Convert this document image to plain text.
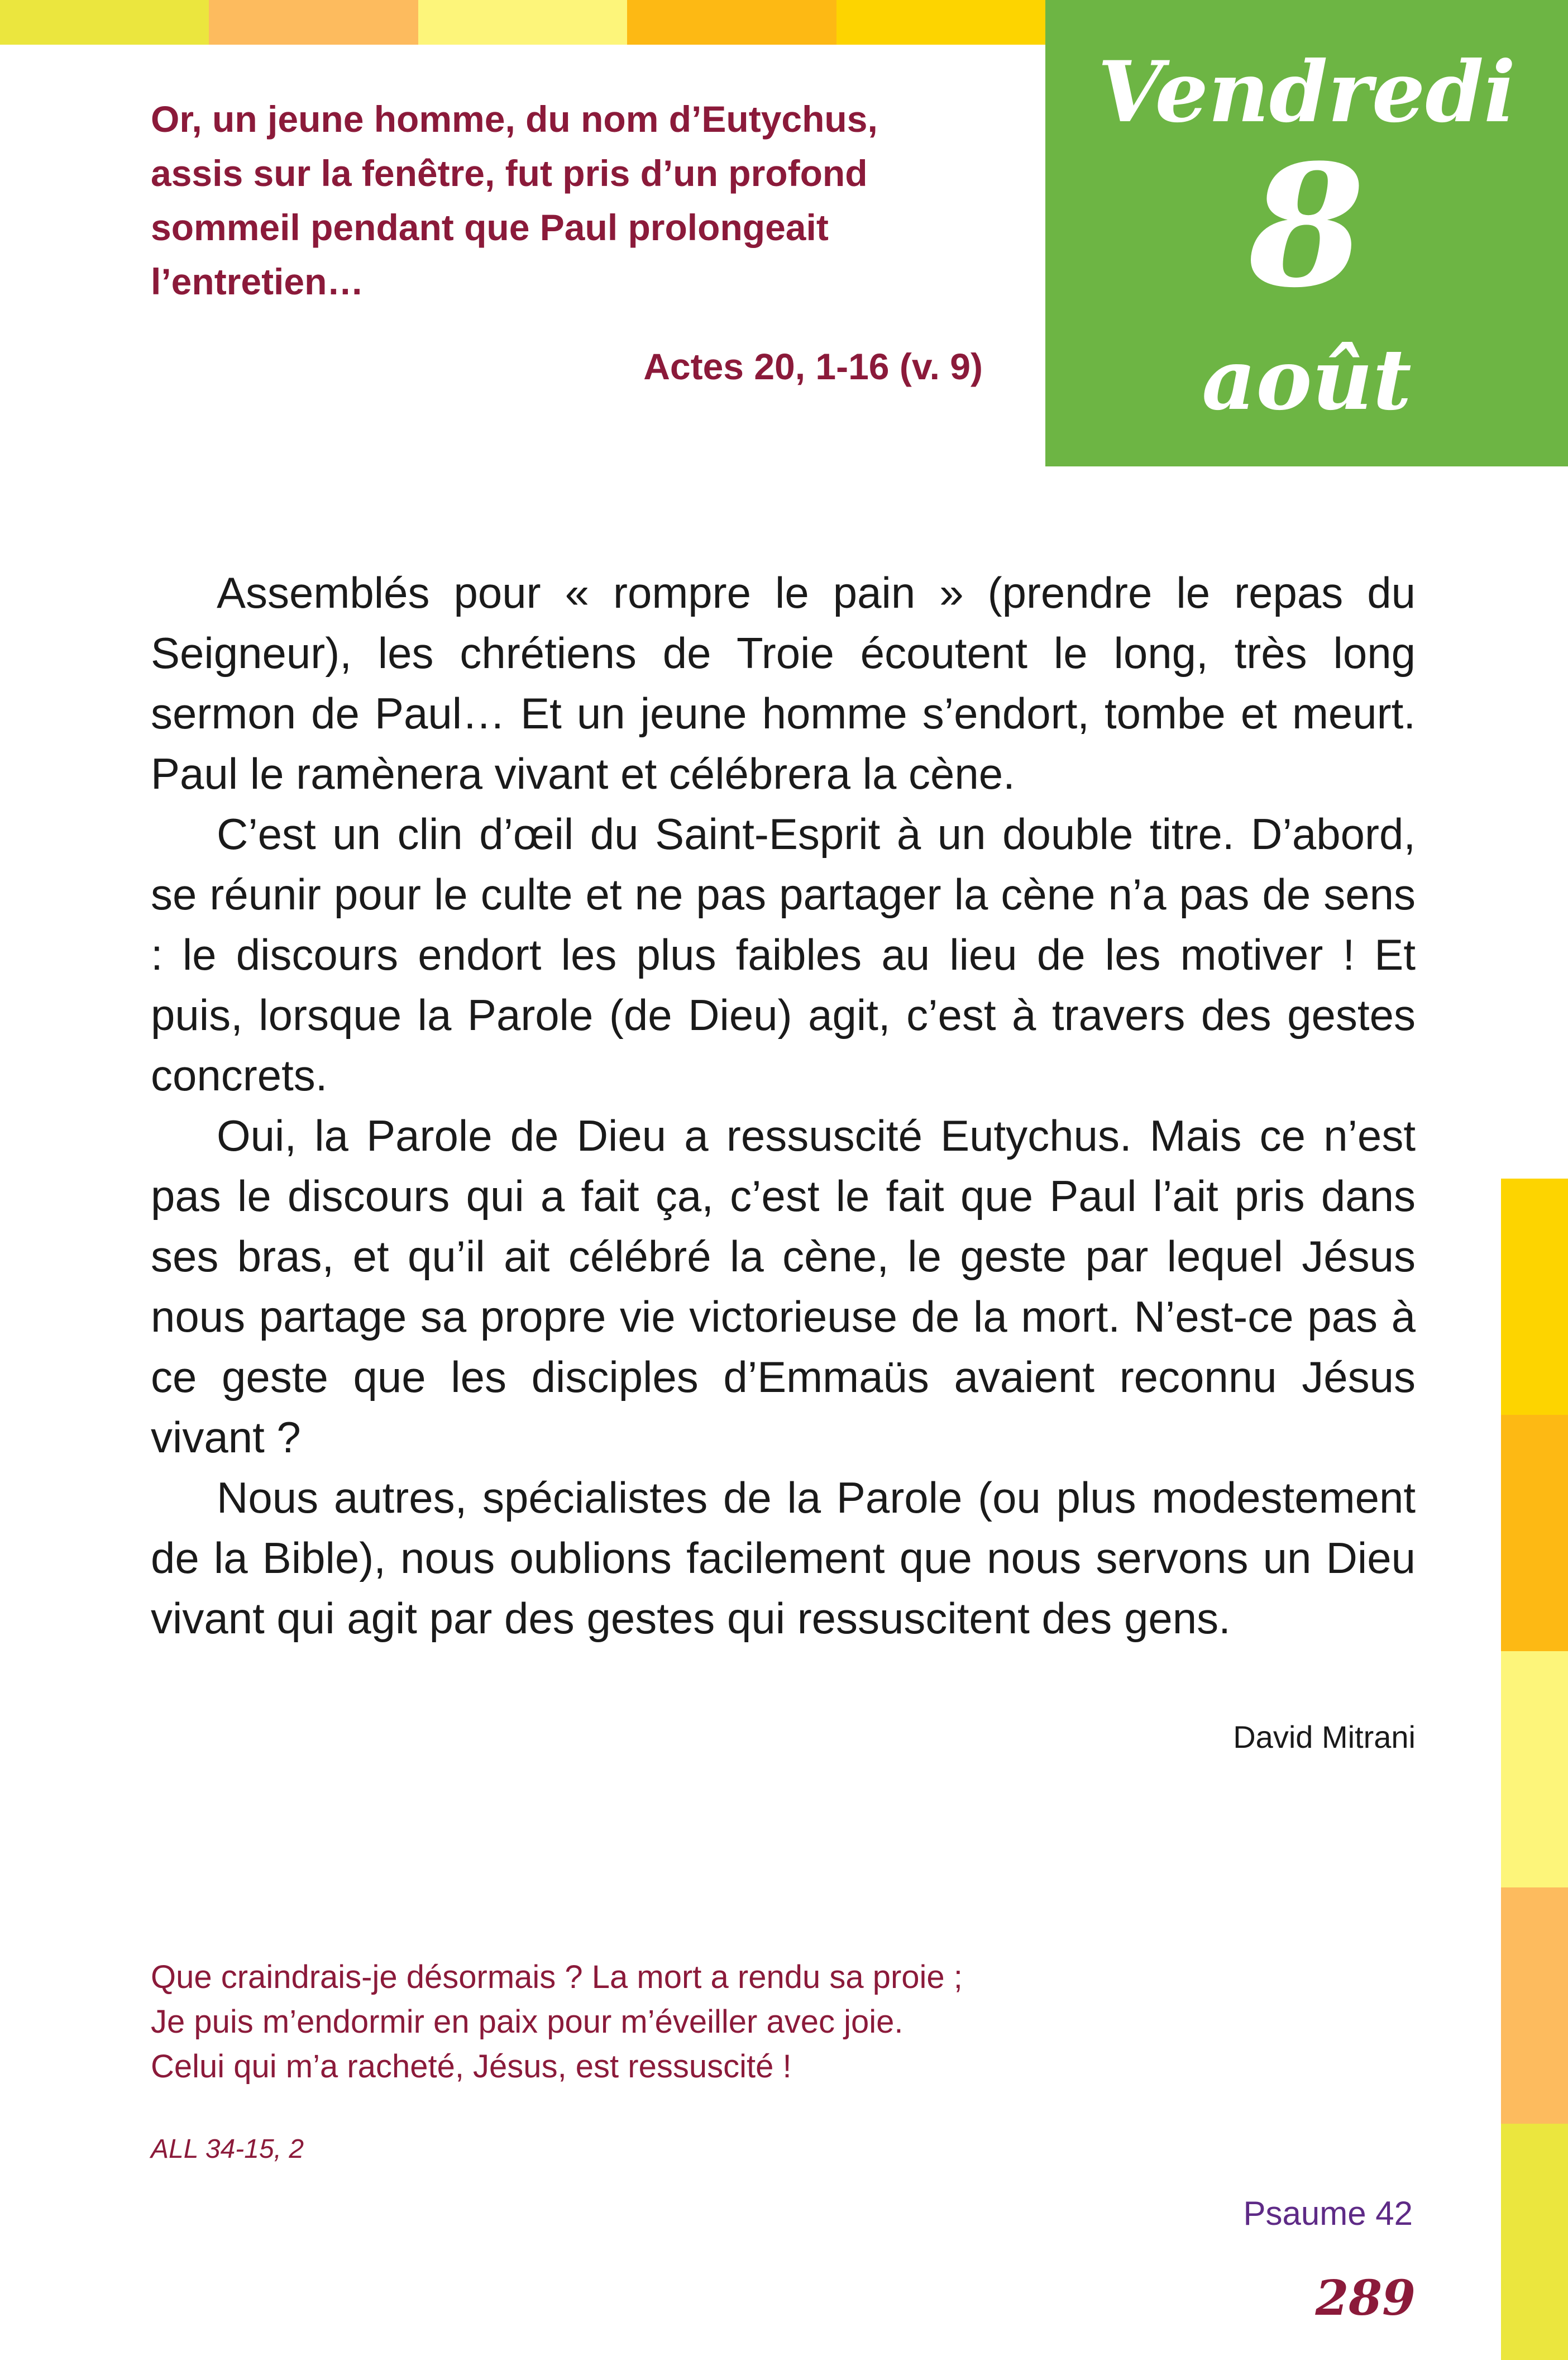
Vendredi
8
août
Or, un jeune homme, du nom d’Eutychus,
assis sur la fenêtre, fut pris d’un profond
sommeil pendant que Paul prolongeait
l’entretien…
Actes 20, 1-16 (v. 9)

Assemblés pour « rompre le pain » (prendre le repas du Seigneur), les chrétiens de Troie écoutent le long, très long sermon de Paul… Et un jeune homme s’endort, tombe et meurt. Paul le ramènera vivant et célébrera la cène.

C’est un clin d’œil du Saint-Esprit à un double titre. D’abord, se réunir pour le culte et ne pas partager la cène n’a pas de sens : le discours endort les plus faibles au lieu de les motiver ! Et puis, lorsque la Parole (de Dieu) agit, c’est à travers des gestes concrets.

Oui, la Parole de Dieu a ressuscité Eutychus. Mais ce n’est pas le discours qui a fait ça, c’est le fait que Paul l’ait pris dans ses bras, et qu’il ait célébré la cène, le geste par lequel Jésus nous partage sa propre vie victorieuse de la mort. N’est-ce pas à ce geste que les disciples d’Emmaüs avaient reconnu Jésus vivant ?

Nous autres, spécialistes de la Parole (ou plus modestement de la Bible), nous oublions facilement que nous servons un Dieu vivant qui agit par des gestes qui ressuscitent des gens.

David Mitrani
Que craindrais-je désormais ? La mort a rendu sa proie ;
Je puis m’endormir en paix pour m’éveiller avec joie.
Celui qui m’a racheté, Jésus, est ressuscité !
ALL 34-15, 2
Psaume 42
289
